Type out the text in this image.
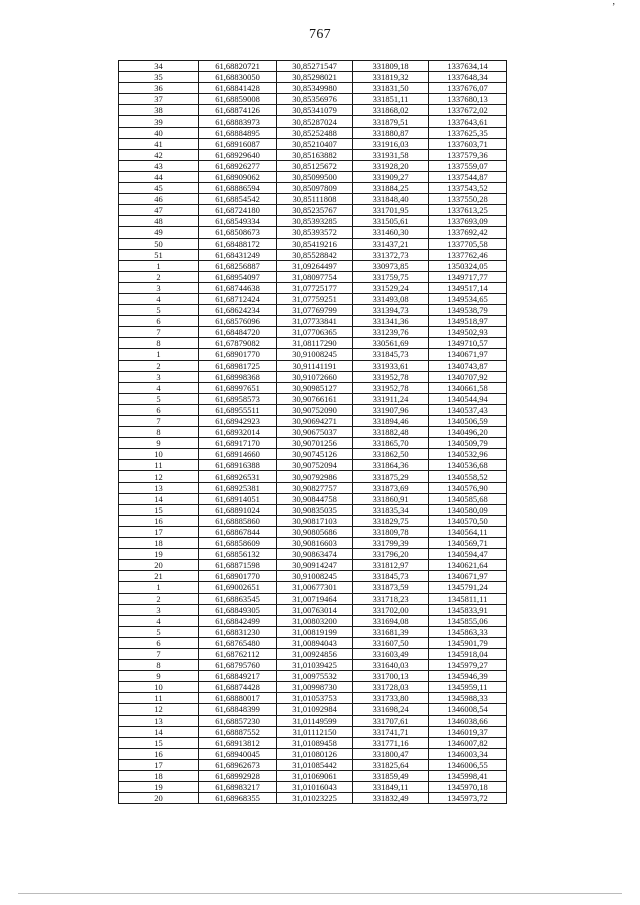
’
767
34	61,68820721	30,85271547	331809,18	1337634,14
35	61,68830050	30,85298021	331819,32	1337648,34
36	61,68841428	30,85349980	331831,50	1337676,07
37	61,68859008	30,85356976	331851,11	1337680,13
38	61,68874126	30,85341079	331868,02	1337672,02
39	61,68883973	30,85287024	331879,51	1337643,61
40	61,68884895	30,85252488	331880,87	1337625,35
41	61,68916087	30,85210407	331916,03	1337603,71
42	61,68929640	30,85163882	331931,58	1337579,36
43	61,68926277	30,85125672	331928,20	1337559,07
44	61,68909062	30,85099500	331909,27	1337544,87
45	61,68886594	30,85097809	331884,25	1337543,52
46	61,68854542	30,85111808	331848,40	1337550,28
47	61,68724180	30,85235767	331701,95	1337613,25
48	61,68549334	30,85393285	331505,61	1337693,09
49	61,68508673	30,85393572	331460,30	1337692,42
50	61,68488172	30,85419216	331437,21	1337705,58
51	61,68431249	30,85528842	331372,73	1337762,46
1	61,68256887	31,09264497	330973,85	1350324,05
2	61,68954097	31,08097754	331759,75	1349717,77
3	61,68744638	31,07725177	331529,24	1349517,14
4	61,68712424	31,07759251	331493,08	1349534,65
5	61,68624234	31,07769799	331394,73	1349538,79
6	61,68576096	31,07733841	331341,36	1349518,97
7	61,68484720	31,07706365	331239,76	1349502,93
8	61,67879082	31,08117290	330561,69	1349710,57
1	61,68901770	30,91008245	331845,73	1340671,97
2	61,68981725	30,91141191	331933,61	1340743,87
3	61,68998368	30,91072660	331952,78	1340707,92
4	61,68997651	30,90985127	331952,78	1340661,58
5	61,68958573	30,90766161	331911,24	1340544,94
6	61,68955511	30,90752090	331907,96	1340537,43
7	61,68942923	30,90694271	331894,46	1340506,59
8	61,68932014	30,90675037	331882,48	1340496,20
9	61,68917170	30,90701256	331865,70	1340509,79
10	61,68914660	30,90745126	331862,50	1340532,96
11	61,68916388	30,90752094	331864,36	1340536,68
12	61,68926531	30,90792986	331875,29	1340558,52
13	61,68925381	30,90827757	331873,69	1340576,90
14	61,68914051	30,90844758	331860,91	1340585,68
15	61,68891024	30,90835035	331835,34	1340580,09
16	61,68885860	30,90817103	331829,75	1340570,50
17	61,68867844	30,90805686	331809,78	1340564,11
18	61,68858609	30,90816603	331799,39	1340569,71
19	61,68856132	30,90863474	331796,20	1340594,47
20	61,68871598	30,90914247	331812,97	1340621,64
21	61,68901770	30,91008245	331845,73	1340671,97
1	61,69002651	31,00677301	331873,59	1345791,24
2	61,68863545	31,00719464	331718,23	1345811,11
3	61,68849305	31,00763014	331702,00	1345833,91
4	61,68842499	31,00803200	331694,08	1345855,06
5	61,68831230	31,00819199	331681,39	1345863,33
6	61,68765480	31,00894043	331607,50	1345901,79
7	61,68762112	31,00924856	331603,49	1345918,04
8	61,68795760	31,01039425	331640,03	1345979,27
9	61,68849217	31,00975532	331700,13	1345946,39
10	61,68874428	31,00998730	331728,03	1345959,11
11	61,68880017	31,01053753	331733,80	1345988,33
12	61,68848399	31,01092984	331698,24	1346008,54
13	61,68857230	31,01149599	331707,61	1346038,66
14	61,68887552	31,01112150	331741,71	1346019,37
15	61,68913812	31,01089458	331771,16	1346007,82
16	61,68940045	31,01080126	331800,47	1346003,34
17	61,68962673	31,01085442	331825,64	1346006,55
18	61,68992928	31,01069061	331859,49	1345998,41
19	61,68983217	31,01016043	331849,11	1345970,18
20	61,68968355	31,01023225	331832,49	1345973,72
